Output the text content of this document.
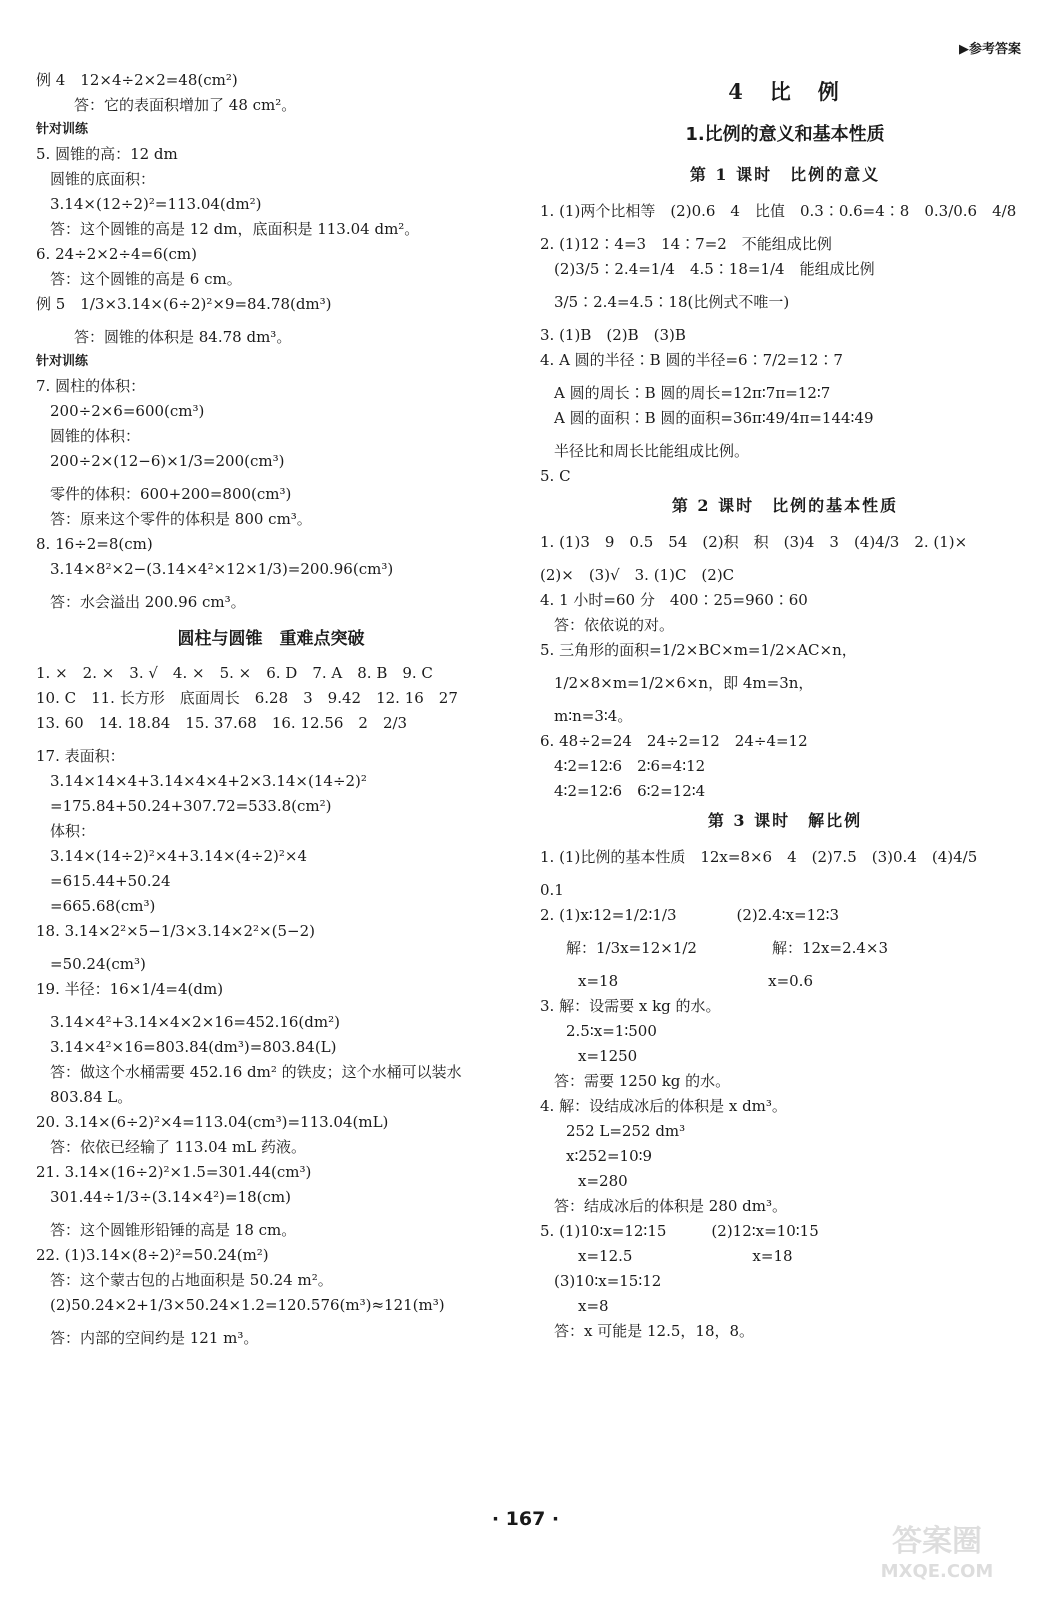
▶参考答案
例 4　12×4÷2×2=48(cm²)
答：它的表面积增加了 48 cm²。
针对训练
5. 圆锥的高：12 dm
圆锥的底面积：
3.14×(12÷2)²=113.04(dm²)
答：这个圆锥的高是 12 dm，底面积是 113.04 dm²。
6. 24÷2×2÷4=6(cm)
答：这个圆锥的高是 6 cm。
例 5　1/3×3.14×(6÷2)²×9=84.78(dm³)
答：圆锥的体积是 84.78 dm³。
针对训练
7. 圆柱的体积：
200÷2×6=600(cm³)
圆锥的体积：
200÷2×(12−6)×1/3=200(cm³)
零件的体积：600+200=800(cm³)
答：原来这个零件的体积是 800 cm³。
8. 16÷2=8(cm)
3.14×8²×2−(3.14×4²×12×1/3)=200.96(cm³)
答：水会溢出 200.96 cm³。
圆柱与圆锥　重难点突破
1. ×　2. ×　3. √　4. ×　5. ×　6. D　7. A　8. B　9. C
10. C　11. 长方形　底面周长　6.28　3　9.42　12. 16　27
13. 60　14. 18.84　15. 37.68　16. 12.56　2　2/3
17. 表面积：
3.14×14×4+3.14×4×4+2×3.14×(14÷2)²
=175.84+50.24+307.72=533.8(cm²)
体积：
3.14×(14÷2)²×4+3.14×(4÷2)²×4
=615.44+50.24
=665.68(cm³)
18. 3.14×2²×5−1/3×3.14×2²×(5−2)
=50.24(cm³)
19. 半径：16×1/4=4(dm)
3.14×4²+3.14×4×2×16=452.16(dm²)
3.14×4²×16=803.84(dm³)=803.84(L)
答：做这个水桶需要 452.16 dm² 的铁皮；这个水桶可以装水
803.84 L。
20. 3.14×(6÷2)²×4=113.04(cm³)=113.04(mL)
答：依依已经输了 113.04 mL 药液。
21. 3.14×(16÷2)²×1.5=301.44(cm³)
301.44÷1/3÷(3.14×4²)=18(cm)
答：这个圆锥形铅锤的高是 18 cm。
22. (1)3.14×(8÷2)²=50.24(m²)
答：这个蒙古包的占地面积是 50.24 m²。
(2)50.24×2+1/3×50.24×1.2=120.576(m³)≈121(m³)
答：内部的空间约是 121 m³。
4　比　例
1.比例的意义和基本性质
第 1 课时　比例的意义
1. (1)两个比相等　(2)0.6　4　比值　0.3∶0.6=4∶8　0.3/0.6　4/8
2. (1)12∶4=3　14∶7=2　不能组成比例
(2)3/5∶2.4=1/4　4.5∶18=1/4　能组成比例
3/5∶2.4=4.5∶18(比例式不唯一)
3. (1)B　(2)B　(3)B
4. A 圆的半径∶B 圆的半径=6∶7/2=12∶7
A 圆的周长∶B 圆的周长=12π∶7π=12∶7
A 圆的面积∶B 圆的面积=36π∶49/4π=144∶49
半径比和周长比能组成比例。
5. C
第 2 课时　比例的基本性质
1. (1)3　9　0.5　54　(2)积　积　(3)4　3　(4)4/3　2. (1)×
(2)×　(3)√　3. (1)C　(2)C
4. 1 小时=60 分　400∶25=960∶60
答：依依说的对。
5. 三角形的面积=1/2×BC×m=1/2×AC×n，
1/2×8×m=1/2×6×n，即 4m=3n，
m∶n=3∶4。
6. 48÷2=24　24÷2=12　24÷4=12
4∶2=12∶6　2∶6=4∶12
4∶2=12∶6　6∶2=12∶4
第 3 课时　解比例
1. (1)比例的基本性质　12x=8×6　4　(2)7.5　(3)0.4　(4)4/5
0.1
2. (1)x∶12=1/2∶1/3　　　　(2)2.4∶x=12∶3
解：1/3x=12×1/2　　　　　解：12x=2.4×3
x=18　　　　　　　　　　x=0.6
3. 解：设需要 x kg 的水。
2.5∶x=1∶500
x=1250
答：需要 1250 kg 的水。
4. 解：设结成冰后的体积是 x dm³。
252 L=252 dm³
x∶252=10∶9
x=280
答：结成冰后的体积是 280 dm³。
5. (1)10∶x=12∶15　　　(2)12∶x=10∶15
x=12.5　　　　　　　　x=18
(3)10∶x=15∶12
x=8
答：x 可能是 12.5，18，8。
· 167 ·
答案圈
MXQE.COM
